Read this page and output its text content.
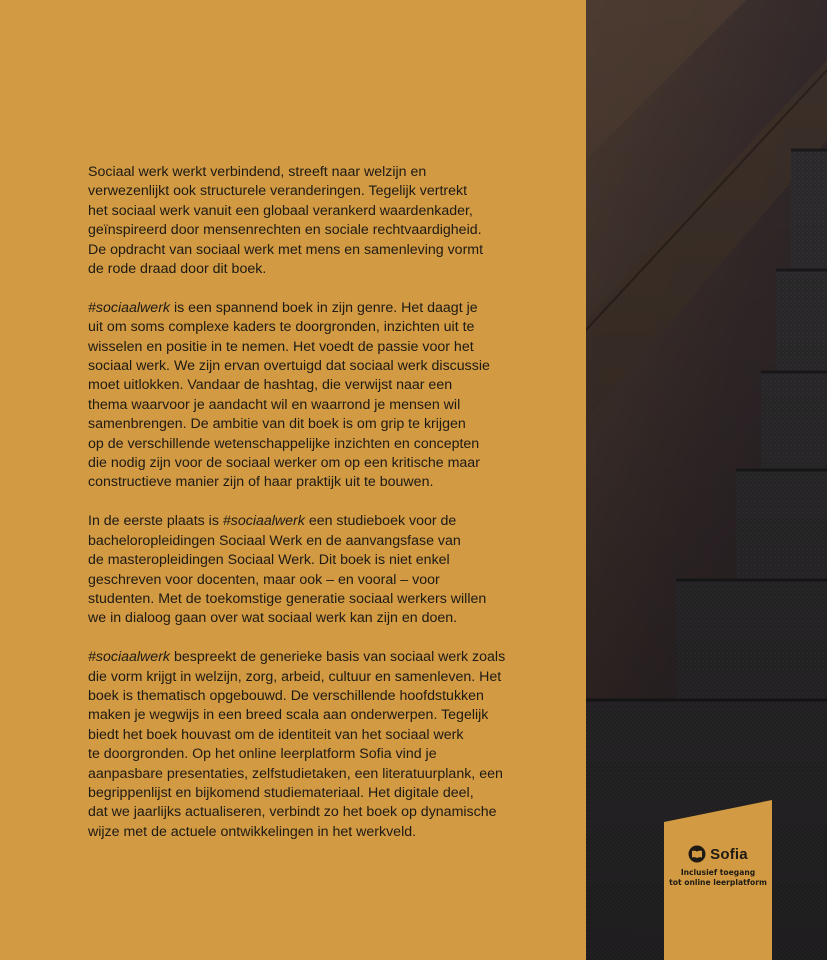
Sociaal werk werkt verbindend, streeft naar welzijn en
verwezenlijkt ook structurele veranderingen. Tegelijk vertrekt
het sociaal werk vanuit een globaal verankerd waardenkader,
geïnspireerd door mensenrechten en sociale rechtvaardigheid.
De opdracht van sociaal werk met mens en samenleving vormt
de rode draad door dit boek.

#sociaalwerk is een spannend boek in zijn genre. Het daagt je
uit om soms complexe kaders te doorgronden, inzichten uit te
wisselen en positie in te nemen. Het voedt de passie voor het
sociaal werk. We zijn ervan overtuigd dat sociaal werk discussie
moet uitlokken. Vandaar de hashtag, die verwijst naar een
thema waarvoor je aandacht wil en waarrond je mensen wil
samenbrengen. De ambitie van dit boek is om grip te krijgen
op de verschillende wetenschappelijke inzichten en concepten
die nodig zijn voor de sociaal werker om op een kritische maar
constructieve manier zijn of haar praktijk uit te bouwen.

In de eerste plaats is #sociaalwerk een studieboek voor de
bacheloropleidingen Sociaal Werk en de aanvangsfase van
de masteropleidingen Sociaal Werk. Dit boek is niet enkel
geschreven voor docenten, maar ook – en vooral – voor
studenten. Met de toekomstige generatie sociaal werkers willen
we in dialoog gaan over wat sociaal werk kan zijn en doen.

#sociaalwerk bespreekt de generieke basis van sociaal werk zoals
die vorm krijgt in welzijn, zorg, arbeid, cultuur en samenleven. Het
boek is thematisch opgebouwd. De verschillende hoofdstukken
maken je wegwijs in een breed scala aan onderwerpen. Tegelijk
biedt het boek houvast om de identiteit van het sociaal werk
te doorgronden. Op het online leerplatform Sofia vind je
aanpasbare presentaties, zelfstudietaken, een literatuurplank, een
begrippenlijst en bijkomend studiemateriaal. Het digitale deel,
dat we jaarlijks actualiseren, verbindt zo het boek op dynamische
wijze met de actuele ontwikkelingen in het werkveld.

Sofia
Inclusief toegang
tot online leerplatform
